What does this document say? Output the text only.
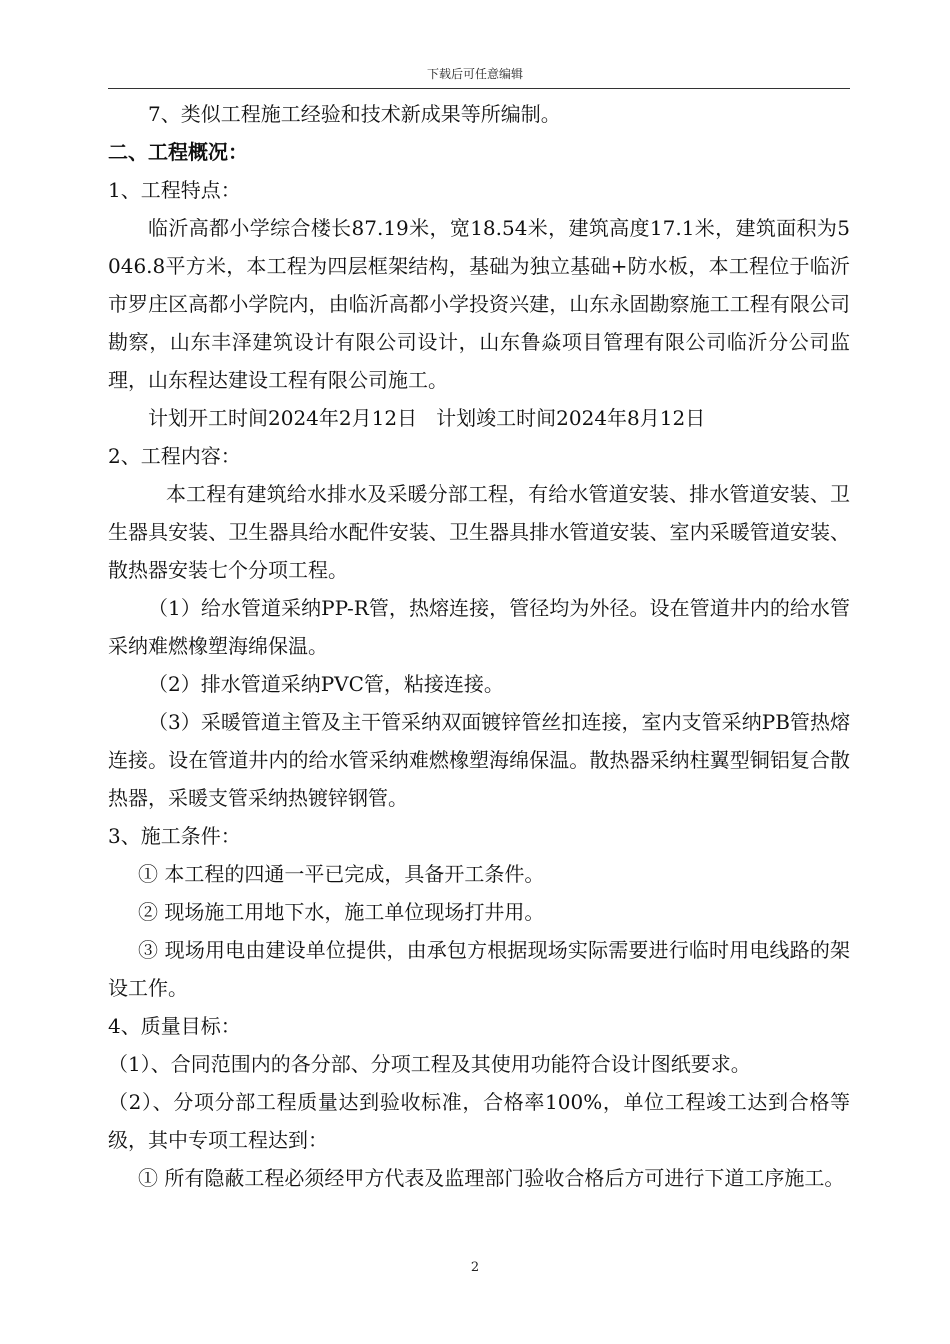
下载后可任意编辑

7、类似工程施工经验和技术新成果等所编制。

二、工程概况：

1、工程特点：

临沂高都小学综合楼长87.19米，宽18.54米，建筑高度17.1米，建筑面积为5046.8平方米，本工程为四层框架结构，基础为独立基础+防水板，本工程位于临沂市罗庄区高都小学院内，由临沂高都小学投资兴建，山东永固勘察施工工程有限公司勘察，山东丰泽建筑设计有限公司设计，山东鲁焱项目管理有限公司临沂分公司监理，山东程达建设工程有限公司施工。

计划开工时间2024年2月12日   计划竣工时间2024年8月12日

2、工程内容：

本工程有建筑给水排水及采暖分部工程，有给水管道安装、排水管道安装、卫生器具安装、卫生器具给水配件安装、卫生器具排水管道安装、室内采暖管道安装、散热器安装七个分项工程。

（1）给水管道采纳PP-R管，热熔连接，管径均为外径。设在管道井内的给水管采纳难燃橡塑海绵保温。

（2）排水管道采纳PVC管，粘接连接。

（3）采暖管道主管及主干管采纳双面镀锌管丝扣连接，室内支管采纳PB管热熔连接。设在管道井内的给水管采纳难燃橡塑海绵保温。散热器采纳柱翼型铜铝复合散热器，采暖支管采纳热镀锌钢管。

3、施工条件：

① 本工程的四通一平已完成，具备开工条件。

② 现场施工用地下水，施工单位现场打井用。

③ 现场用电由建设单位提供，由承包方根据现场实际需要进行临时用电线路的架设工作。

4、质量目标：

（1）、合同范围内的各分部、分项工程及其使用功能符合设计图纸要求。

（2）、分项分部工程质量达到验收标准，合格率100%，单位工程竣工达到合格等级，其中专项工程达到：

① 所有隐蔽工程必须经甲方代表及监理部门验收合格后方可进行下道工序施工。

2
